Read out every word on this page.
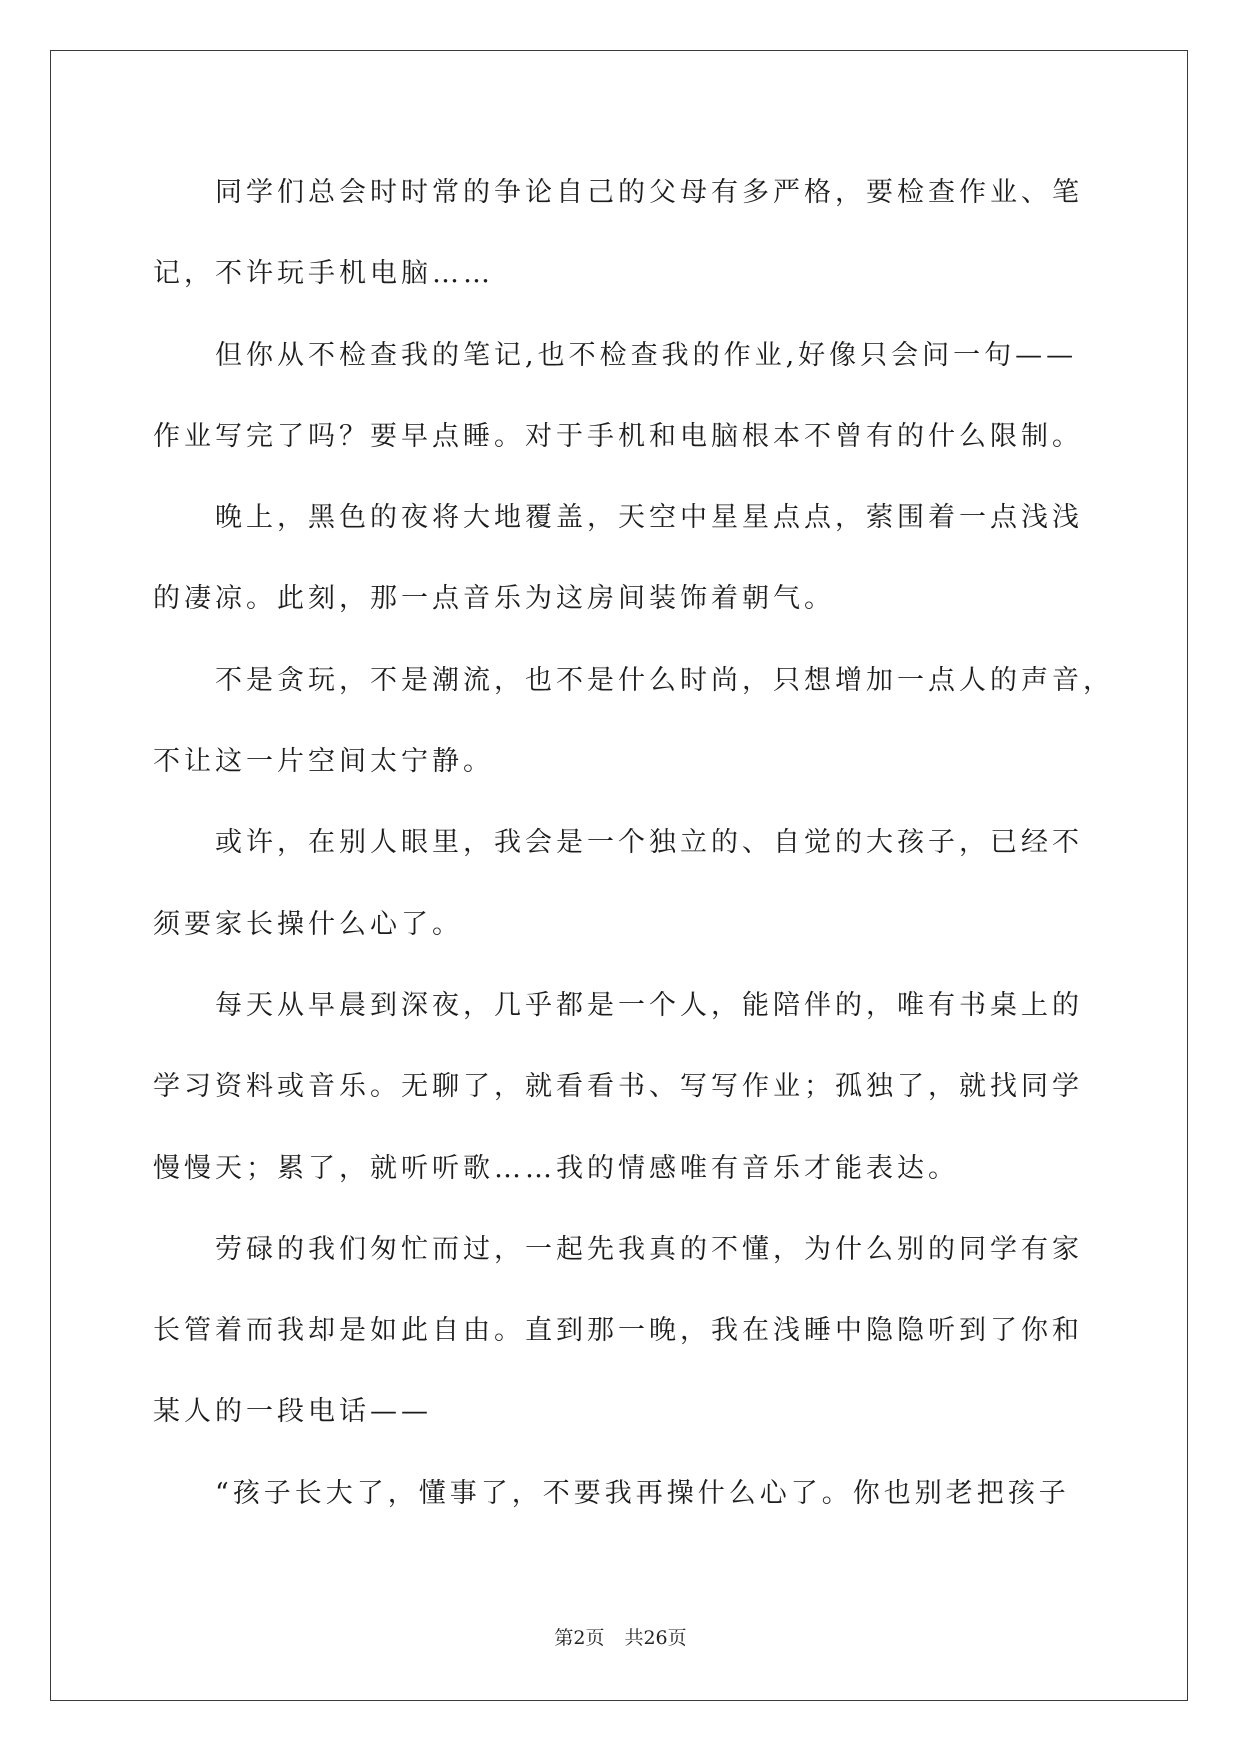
同学们总会时时常的争论自己的父母有多严格，要检查作业、笔
记，不许玩手机电脑……
但你从不检查我的笔记,也不检查我的作业,好像只会问一句——
作业写完了吗？要早点睡。对于手机和电脑根本不曾有的什么限制。
晚上，黑色的夜将大地覆盖，天空中星星点点，萦围着一点浅浅
的凄凉。此刻，那一点音乐为这房间装饰着朝气。
不是贪玩，不是潮流，也不是什么时尚，只想增加一点人的声音，
不让这一片空间太宁静。
或许，在别人眼里，我会是一个独立的、自觉的大孩子，已经不
须要家长操什么心了。
每天从早晨到深夜，几乎都是一个人，能陪伴的，唯有书桌上的
学习资料或音乐。无聊了，就看看书、写写作业；孤独了，就找同学
慢慢天；累了，就听听歌……我的情感唯有音乐才能表达。
劳碌的我们匆忙而过，一起先我真的不懂，为什么别的同学有家
长管着而我却是如此自由。直到那一晚，我在浅睡中隐隐听到了你和
某人的一段电话——
“孩子长大了，懂事了，不要我再操什么心了。你也别老把孩子
第2页 共26页
